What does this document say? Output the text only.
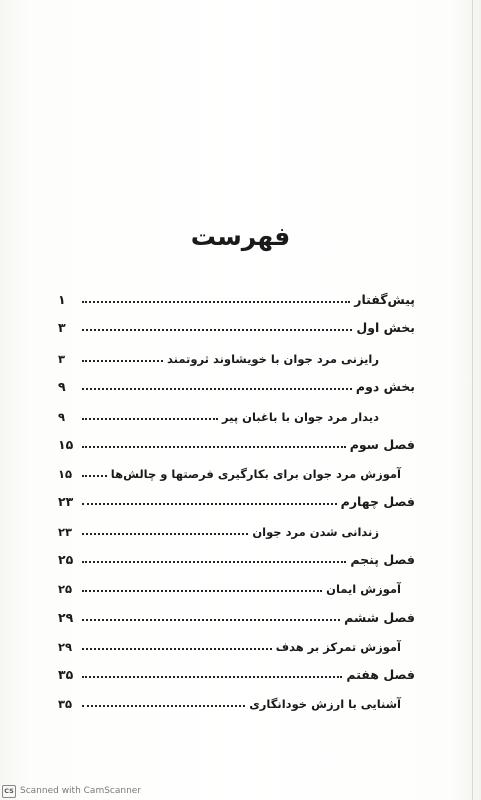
فهرست
پیش‌گفتار
۱
بخش اول
۳
رایزنی مرد جوان با خویشاوند ثروتمند
۳
بخش دوم
۹
دیدار مرد جوان با باغبان پیر
۹
فصل سوم
۱۵
آموزش مرد جوان برای بکارگیری فرصتها و چالش‌ها
۱۵
فصل چهارم
۲۳
زندانی شدن مرد جوان
۲۳
فصل پنجم
۲۵
آموزش ایمان
۲۵
فصل ششم
۲۹
آموزش تمرکز بر هدف
۲۹
فصل هفتم
۳۵
آشنایی با ارزش خودانگاری
۳۵
CS Scanned with CamScanner
